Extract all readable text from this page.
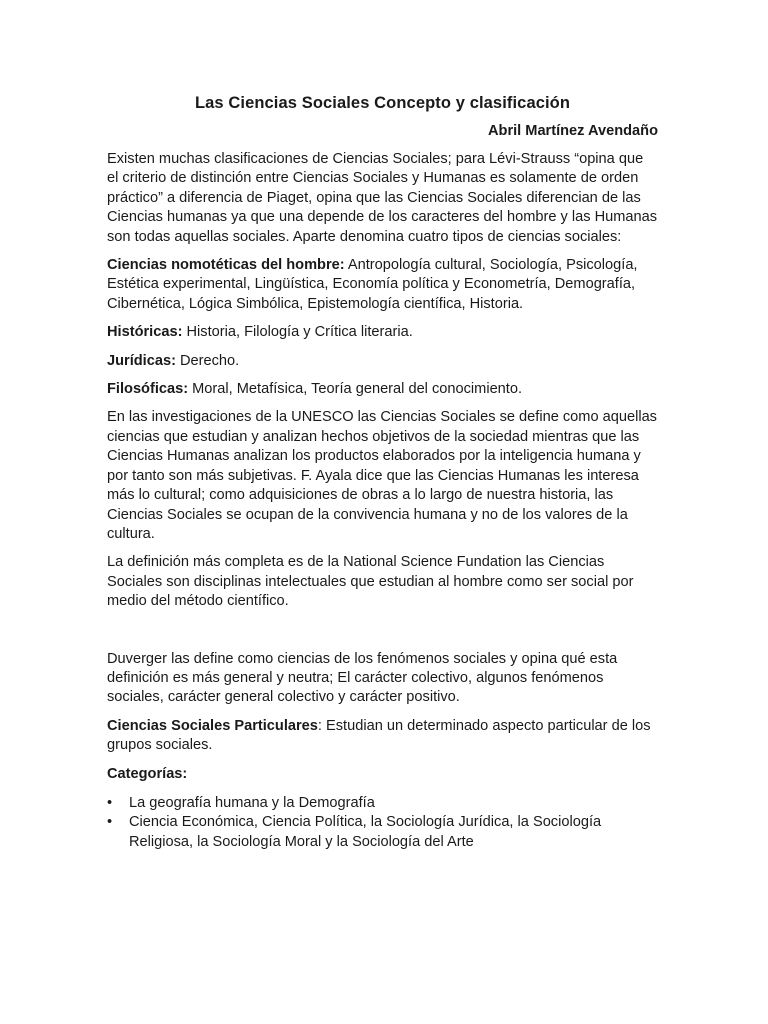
Las Ciencias Sociales Concepto y clasificación
Abril Martínez Avendaño

Existen muchas clasificaciones de Ciencias Sociales; para Lévi-Strauss “opina que el criterio de distinción entre Ciencias Sociales y Humanas es solamente de orden práctico” a diferencia de Piaget, opina que las Ciencias Sociales diferencian de las Ciencias humanas ya que una depende de los caracteres del hombre y las Humanas son todas aquellas sociales. Aparte denomina cuatro tipos de ciencias sociales:

Ciencias nomotéticas del hombre: Antropología cultural, Sociología, Psicología, Estética experimental, Lingüística, Economía política y Econometría, Demografía, Cibernética, Lógica Simbólica, Epistemología científica, Historia.

Históricas: Historia, Filología y Crítica literaria.

Jurídicas: Derecho.

Filosóficas: Moral, Metafísica, Teoría general del conocimiento.

En las investigaciones de la UNESCO las Ciencias Sociales se define como aquellas ciencias que estudian y analizan hechos objetivos de la sociedad mientras que las Ciencias Humanas analizan los productos elaborados por la inteligencia humana y por tanto son más subjetivas. F. Ayala dice que las Ciencias Humanas les interesa más lo cultural; como adquisiciones de obras a lo largo de nuestra historia, las Ciencias Sociales se ocupan de la convivencia humana y no de los valores de la cultura.

La definición más completa es de la National Science Fundation las Ciencias Sociales son disciplinas intelectuales que estudian al hombre como ser social por medio del método científico.

Duverger las define como ciencias de los fenómenos sociales y opina qué esta definición es más general y neutra; El carácter colectivo, algunos fenómenos sociales, carácter general colectivo y carácter positivo.

Ciencias Sociales Particulares: Estudian un determinado aspecto particular de los grupos sociales.

Categorías:

•	La geografía humana y la Demografía
•	Ciencia Económica, Ciencia Política, la Sociología Jurídica, la Sociología Religiosa, la Sociología Moral y la Sociología del Arte
